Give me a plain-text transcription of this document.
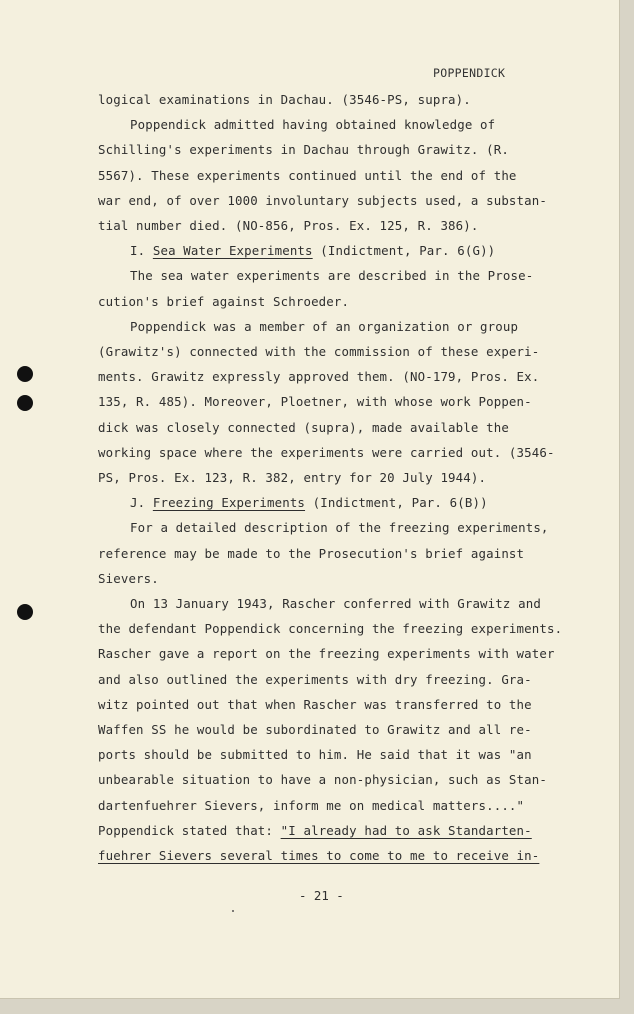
POPPENDICK
logical examinations in Dachau. (3546-PS, supra).
Poppendick admitted having obtained knowledge of
Schilling's experiments in Dachau through Grawitz. (R.
5567). These experiments continued until the end of the
war end, of over 1000 involuntary subjects used, a substan-
tial number died. (NO-856, Pros. Ex. 125, R. 386).
I. Sea Water Experiments (Indictment, Par. 6(G))
The sea water experiments are described in the Prose-
cution's brief against Schroeder.
Poppendick was a member of an organization or group
(Grawitz's) connected with the commission of these experi-
ments. Grawitz expressly approved them. (NO-179, Pros. Ex.
135, R. 485). Moreover, Ploetner, with whose work Poppen-
dick was closely connected (supra), made available the
working space where the experiments were carried out. (3546-
PS, Pros. Ex. 123, R. 382, entry for 20 July 1944).
J. Freezing Experiments (Indictment, Par. 6(B))
For a detailed description of the freezing experiments,
reference may be made to the Prosecution's brief against
Sievers.
On 13 January 1943, Rascher conferred with Grawitz and
the defendant Poppendick concerning the freezing experiments.
Rascher gave a report on the freezing experiments with water
and also outlined the experiments with dry freezing. Gra-
witz pointed out that when Rascher was transferred to the
Waffen SS he would be subordinated to Grawitz and all re-
ports should be submitted to him. He said that it was "an
unbearable situation to have a non-physician, such as Stan-
dartenfuehrer Sievers, inform me on medical matters...."
Poppendick stated that: "I already had to ask Standarten-
fuehrer Sievers several times to come to me to receive in-
- 21 -
